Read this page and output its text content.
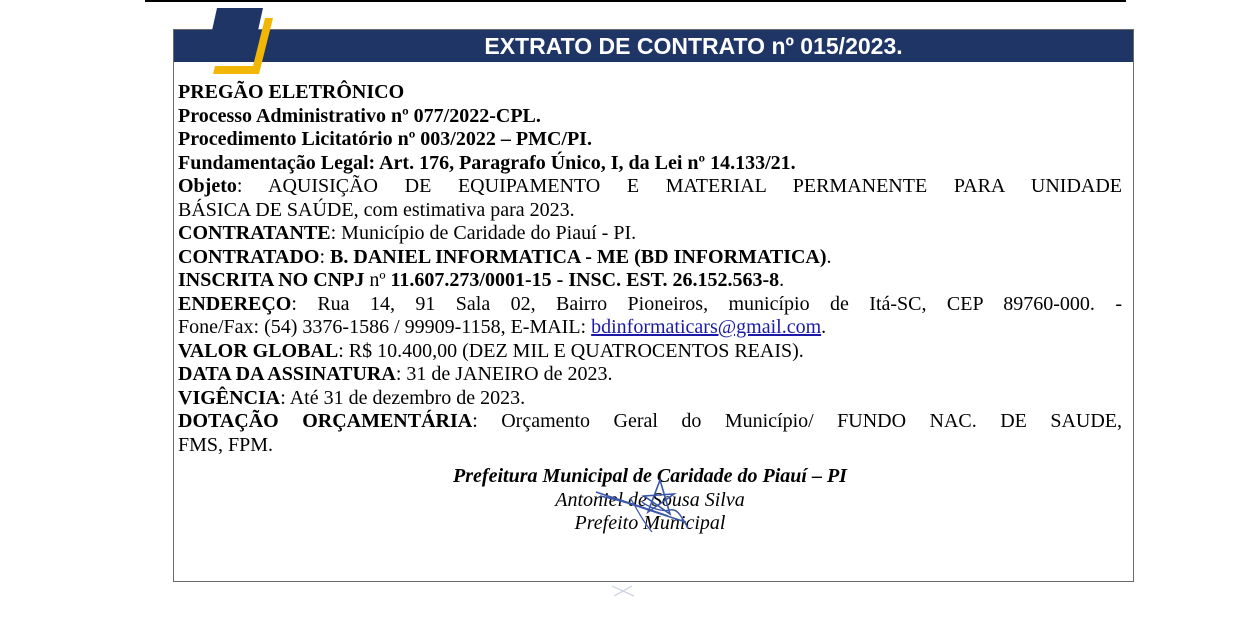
EXTRATO DE CONTRATO nº 015/2023.
PREGÃO ELETRÔNICO
Processo Administrativo nº 077/2022-CPL.
Procedimento Licitatório nº 003/2022 – PMC/PI.
Fundamentação Legal: Art. 176, Paragrafo Único, I, da Lei nº 14.133/21.
Objeto: AQUISIÇÃO DE EQUIPAMENTO E MATERIAL PERMANENTE PARA UNIDADE
BÁSICA DE SAÚDE, com estimativa para 2023.
CONTRATANTE: Município de Caridade do Piauí - PI.
CONTRATADO: B. DANIEL INFORMATICA - ME (BD INFORMATICA).
INSCRITA NO CNPJ nº 11.607.273/0001-15 - INSC. EST. 26.152.563-8.
ENDEREÇO: Rua 14, 91 Sala 02, Bairro Pioneiros, município de Itá-SC, CEP 89760-000. -
Fone/Fax: (54) 3376-1586 / 99909-1158, E-MAIL: bdinformaticars@gmail.com.
VALOR GLOBAL: R$ 10.400,00 (DEZ MIL E QUATROCENTOS REAIS).
DATA DA ASSINATURA: 31 de JANEIRO de 2023.
VIGÊNCIA: Até 31 de dezembro de 2023.
DOTAÇÃO ORÇAMENTÁRIA: Orçamento Geral do Município/ FUNDO NAC. DE SAUDE,
FMS, FPM.
Prefeitura Municipal de Caridade do Piauí – PI
Antoniel de Sousa Silva
Prefeito Municipal
